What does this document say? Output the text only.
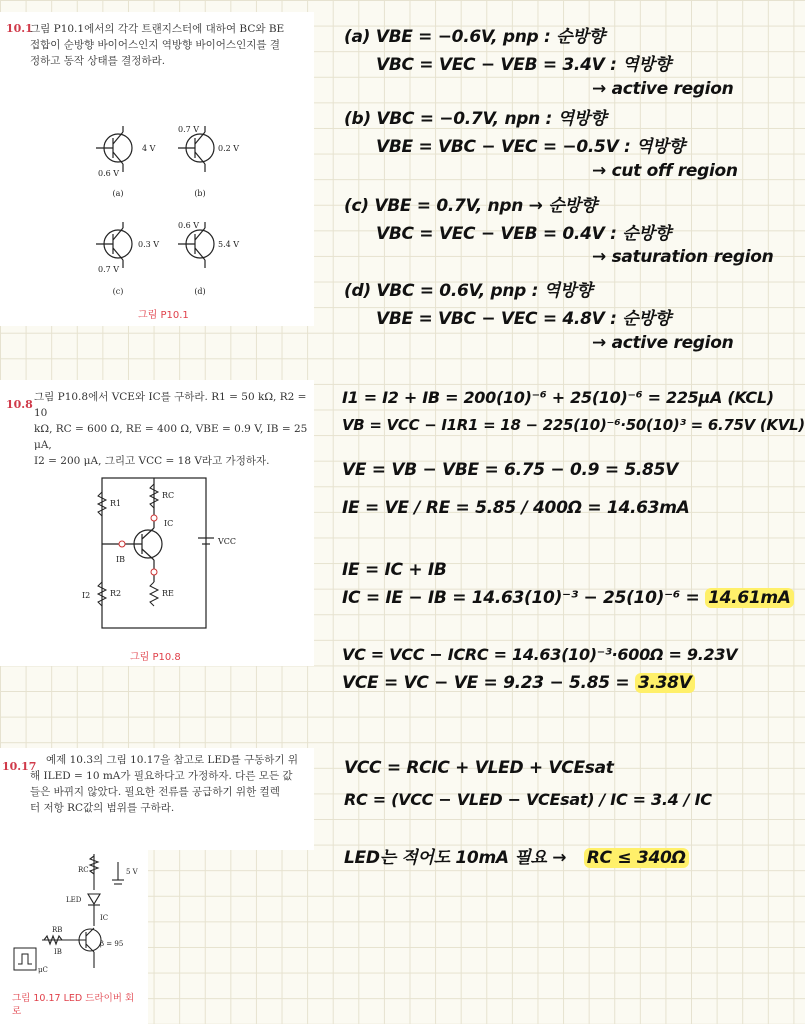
10.1
그림 P10.1에서의 각각 트랜지스터에 대하여 BC와 BE
접합이 순방향 바이어스인지 역방향 바이어스인지를 결
정하고 동작 상태를 결정하라.
4 V
0.6 V
(a)
0.7 V
0.2 V
(b)
0.3 V
0.7 V
(c)
0.6 V
5.4 V
(d)
그림 P10.1
10.8
그림 P10.8에서 VCE와 IC를 구하라. R1 = 50 kΩ, R2 = 10
kΩ, RC = 600 Ω, RE = 400 Ω, VBE = 0.9 V, IB = 25 μA,
I2 = 200 μA, 그리고 VCC = 18 V라고 가정하자.
R1
RC
IC
IB
I2 R2	RE
VCC
그림 P10.8
10.17 예제 10.3의 그림 10.17을 참고로 LED를 구동하기 위
해 ILED = 10 mA가 필요하다고 가정하자. 다른 모든 값
들은 바뀌지 않았다. 필요한 전류를 공급하기 위한 컬렉
터 저항 RC값의 범위를 구하라.
RC	5 V
LED
IC
RB
IB
β = 95
μC
그림 10.17 LED 드라이버 회로
(a) VBE = −0.6V, pnp : 순방향
VBC = VEC − VEB = 3.4V : 역방향
→ active region
(b) VBC = −0.7V, npn : 역방향
VBE = VBC − VEC = −0.5V : 역방향
→ cut off region
(c) VBE = 0.7V, npn → 순방향
VBC = VEC − VEB = 0.4V : 순방향
→ saturation region
(d) VBC = 0.6V, pnp : 역방향
VBE = VBC − VEC = 4.8V : 순방향
→ active region
I1 = I2 + IB = 200(10)⁻⁶ + 25(10)⁻⁶ = 225μA (KCL)
VB = VCC − I1R1 = 18 − 225(10)⁻⁶·50(10)³ = 6.75V (KVL)
VE = VB − VBE = 6.75 − 0.9 = 5.85V
IE = VE / RE = 5.85 / 400Ω = 14.63mA
IE = IC + IB
IC = IE − IB = 14.63(10)⁻³ − 25(10)⁻⁶ = 14.61mA
VC = VCC − ICRC = 14.63(10)⁻³·600Ω = 9.23V
VCE = VC − VE = 9.23 − 5.85 = 3.38V
VCC = RCIC + VLED + VCEsat
RC = (VCC − VLED − VCEsat) / IC = 3.4 / IC
LED는 적어도 10mA 필요 → RC ≤ 340Ω
